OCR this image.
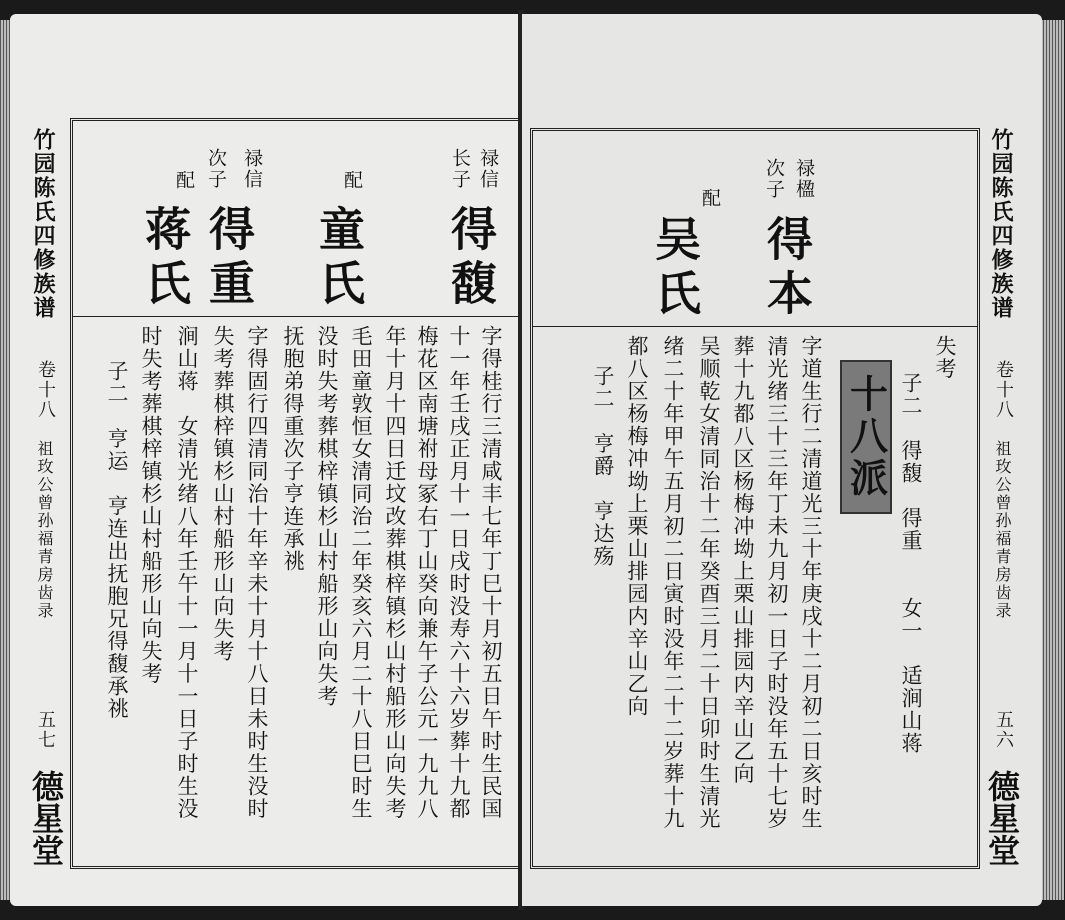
竹园陈氏四修族谱
卷十八
祖玫公曾孙福青房齿录
五七
德星堂
禄信
长子
得馥
配
童氏
禄信
次子
得重
配
蒋氏
字得桂行三清咸丰七年丁巳十月初五日午时生民国
十一年壬戌正月十一日戌时没寿六十六岁葬十九都
梅花区南塘祔母冢右丁山癸向兼午子公元一九九八
年十月十四日迁坟改葬棋梓镇杉山村船形山向失考
毛田童敦恒女清同治二年癸亥六月二十八日巳时生
没时失考葬棋梓镇杉山村船形山向失考
抚胞弟得重次子亨连承祧
字得固行四清同治十年辛未十月十八日未时生没时
失考葬棋梓镇杉山村船形山向失考
涧山蒋　女清光绪八年壬午十一月十一日子时生没
时失考葬棋梓镇杉山村船形山向失考
子二　亨运　亨连出抚胞兄得馥承祧
禄楹
次子
得本
配
吴氏
十八派
失考
子二　得馥　得重　　女一　适涧山蒋
字道生行二清道光三十年庚戌十二月初二日亥时生
清光绪三十三年丁未九月初一日子时没年五十七岁
葬十九都八区杨梅冲坳上栗山排园内辛山乙向
吴顺乾女清同治十二年癸酉三月二十日卯时生清光
绪二十年甲午五月初二日寅时没年二十二岁葬十九
都八区杨梅冲坳上栗山排园内辛山乙向
子二　亨爵　亨达殇
竹园陈氏四修族谱
卷十八
祖玫公曾孙福青房齿录
五六
德星堂
